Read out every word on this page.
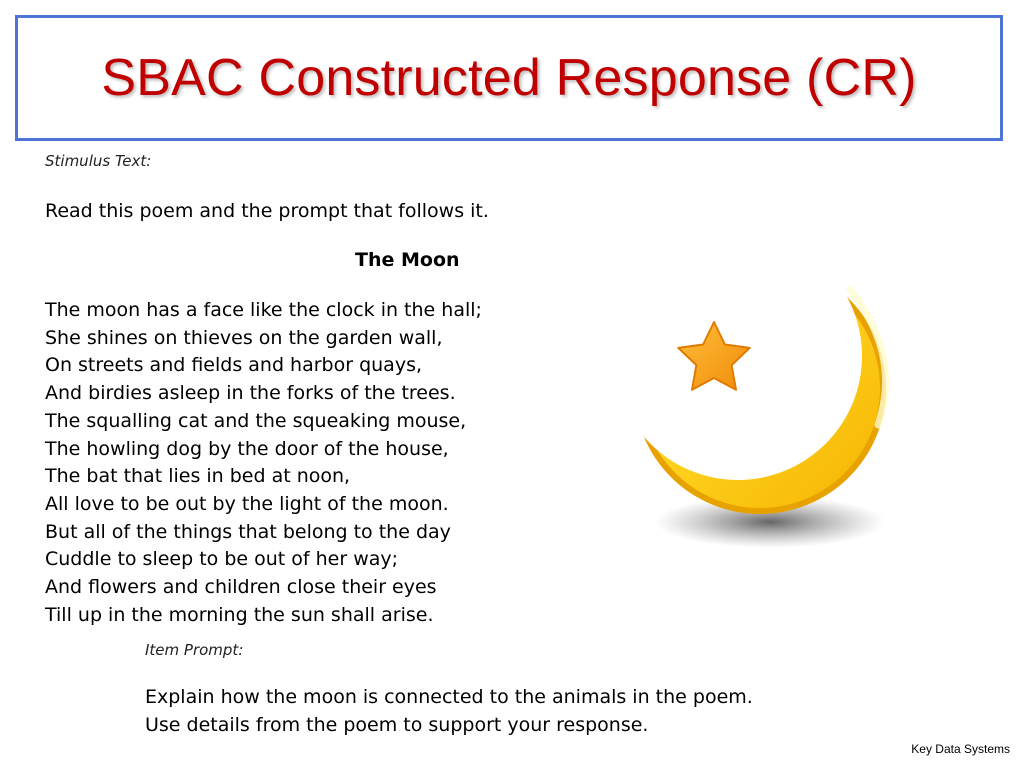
SBAC Constructed Response (CR)
Stimulus Text:
Read this poem and the prompt that follows it.
The Moon
The moon has a face like the clock in the hall;
She shines on thieves on the garden wall,
On streets and fields and harbor quays,
And birdies asleep in the forks of the trees.
The squalling cat and the squeaking mouse,
The howling dog by the door of the house,
The bat that lies in bed at noon,
All love to be out by the light of the moon.
But all of the things that belong to the day
Cuddle to sleep to be out of her way;
And flowers and children close their eyes
Till up in the morning the sun shall arise.
Item Prompt:
Explain how the moon is connected to the animals in the poem.
Use details from the poem to support your response.
Key Data Systems
